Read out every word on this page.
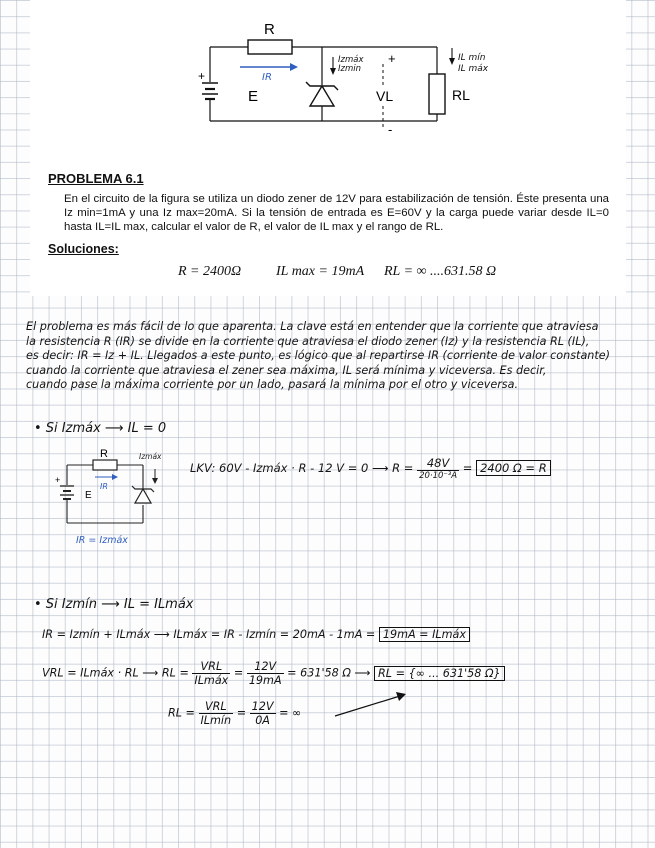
R
IR
Izmáx
Izmin
+
E
+
VL
-
IL mín
IL máx
RL
PROBLEMA 6.1
En el circuito de la figura se utiliza un diodo zener de 12V para estabilización de tensión. Éste presenta una Iz min=1mA y una Iz max=20mA. Si la tensión de entrada es E=60V y la carga puede variar desde IL=0 hasta IL=IL max, calcular el valor de R, el valor de IL max y el rango de RL.
Soluciones:
R = 2400Ω IL max = 19mA RL = ∞ ....631.58 Ω
El problema es más fácil de lo que aparenta. La clave está en entender que la corriente que atraviesa
la resistencia R (IR) se divide en la corriente que atraviesa el diodo zener (Iz) y la resistencia RL (IL),
es decir: IR = Iz + IL. Llegados a este punto, es lógico que al repartirse IR (corriente de valor constante)
cuando la corriente que atraviesa el zener sea máxima, IL será mínima y viceversa. Es decir,
cuando pase la máxima corriente por un lado, pasará la mínima por el otro y viceversa.
• Si Izmáx ⟶ IL = 0
R	Izmáx
IR
+
E
IR = Izmáx
LKV: 60V - Izmáx · R - 12 V = 0 ⟶ $R = \frac{48V}{\text{20·10⁻³A}} = 2400$ Ω = R
• Si Izmín ⟶ IL = ILmáx
IR = Izmín + ILmáx ⟶ ILmáx = IR - Izmín = 20mA - 1mA = 19mA = ILmáx
VRL = ILmáx · RL ⟶ RL = $\frac{\text{VRL}}{\text{ILmáx}} = \frac{12V}{19mA} = 631'58$ Ω ⟶ RL = {∞ ... 631'58 Ω}
RL = $\frac{\text{VRL}}{\text{ILmín}} = \frac{12V}{0A}$ = ∞
